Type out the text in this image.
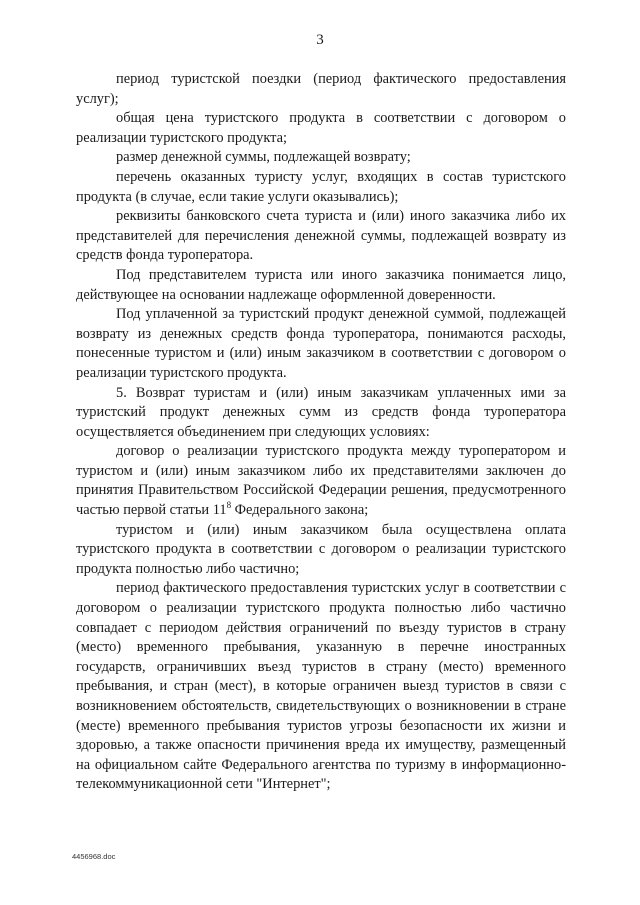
3

период туристской поездки (период фактического предоставления услуг);

общая цена туристского продукта в соответствии с договором о реализации туристского продукта;

размер денежной суммы, подлежащей возврату;

перечень оказанных туристу услуг, входящих в состав туристского продукта (в случае, если такие услуги оказывались);

реквизиты банковского счета туриста и (или) иного заказчика либо их представителей для перечисления денежной суммы, подлежащей возврату из средств фонда туроператора.

Под представителем туриста или иного заказчика понимается лицо, действующее на основании надлежаще оформленной доверенности.

Под уплаченной за туристский продукт денежной суммой, подлежащей возврату из денежных средств фонда туроператора, понимаются расходы, понесенные туристом и (или) иным заказчиком в соответствии с договором о реализации туристского продукта.

5. Возврат туристам и (или) иным заказчикам уплаченных ими за туристский продукт денежных сумм из средств фонда туроператора осуществляется объединением при следующих условиях:

договор о реализации туристского продукта между туроператором и туристом и (или) иным заказчиком либо их представителями заключен до принятия Правительством Российской Федерации решения, предусмотренного частью первой статьи $11^8$ Федерального закона;

туристом и (или) иным заказчиком была осуществлена оплата туристского продукта в соответствии с договором о реализации туристского продукта полностью либо частично;

период фактического предоставления туристских услуг в соответствии с договором о реализации туристского продукта полностью либо частично совпадает с периодом действия ограничений по въезду туристов в страну (место) временного пребывания, указанную в перечне иностранных государств, ограничивших въезд туристов в страну (место) временного пребывания, и стран (мест), в которые ограничен выезд туристов в связи с возникновением обстоятельств, свидетельствующих о возникновении в стране (месте) временного пребывания туристов угрозы безопасности их жизни и здоровью, а также опасности причинения вреда их имуществу, размещенный на официальном сайте Федерального агентства по туризму в информационно-телекоммуникационной сети "Интернет";

4456968.doc
